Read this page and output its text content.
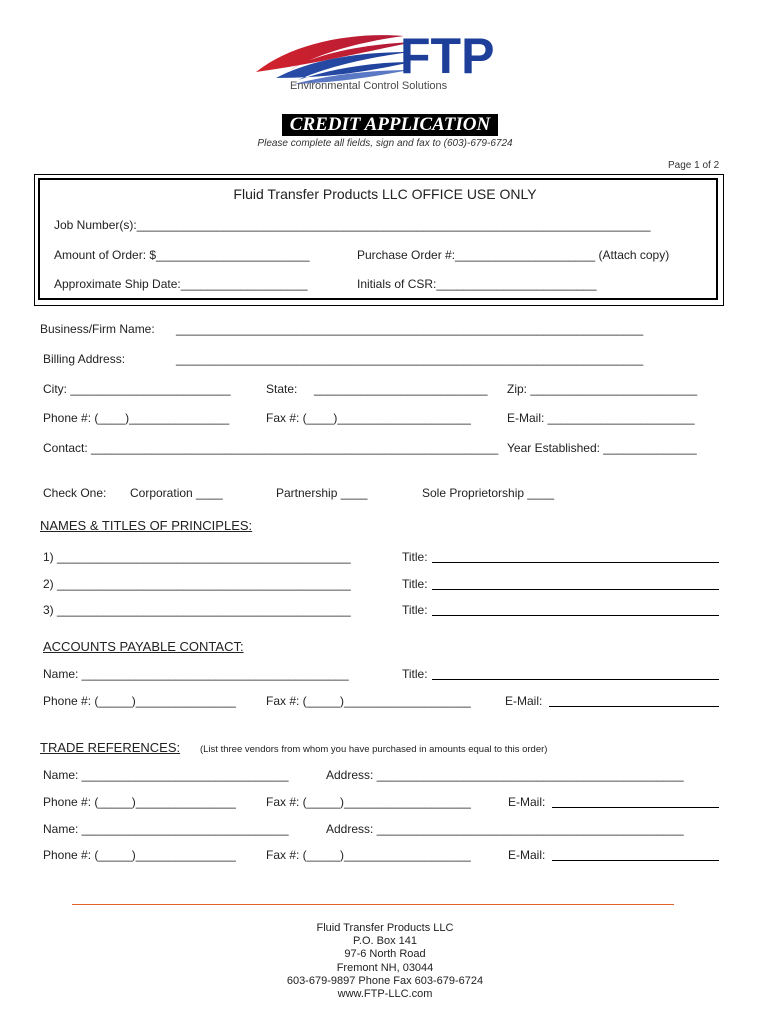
FTP
Environmental Control Solutions
CREDIT APPLICATION
Please complete all fields, sign and fax to (603)-679-6724
Page 1 of 2
Fluid Transfer Products LLC OFFICE USE ONLY
Job Number(s):_____________________________________________________________________________
Amount of Order: $_______________________	Purchase Order #:_____________________ (Attach copy)
Approximate Ship Date:___________________	Initials of CSR:________________________
Business/Firm Name: ______________________________________________________________________
Billing Address:	______________________________________________________________________
City: ________________________	State: __________________________ Zip: _________________________
Phone #: (____)_______________	Fax #: (____)____________________	E-Mail: ______________________
Contact: _____________________________________________________________ Year Established: ______________
Check One: Corporation ____	Partnership ____	Sole Proprietorship ____
NAMES & TITLES OF PRINCIPLES:
1) ____________________________________________	Title:
2) ____________________________________________	Title:
3) ____________________________________________	Title:
ACCOUNTS PAYABLE CONTACT:
Name: ________________________________________	Title:
Phone #: (_____)_______________	Fax #: (_____)___________________	E-Mail:
TRADE REFERENCES: (List three vendors from whom you have purchased in amounts equal to this order)
Name: _______________________________	Address: ______________________________________________
Phone #: (_____)_______________	Fax #: (_____)___________________	E-Mail:
Name: _______________________________	Address: ______________________________________________
Phone #: (_____)_______________	Fax #: (_____)___________________	E-Mail:
Fluid Transfer Products LLC
P.O. Box 141
97-6 North Road
Fremont NH, 03044
603-679-9897 Phone Fax 603-679-6724
www.FTP-LLC.com
